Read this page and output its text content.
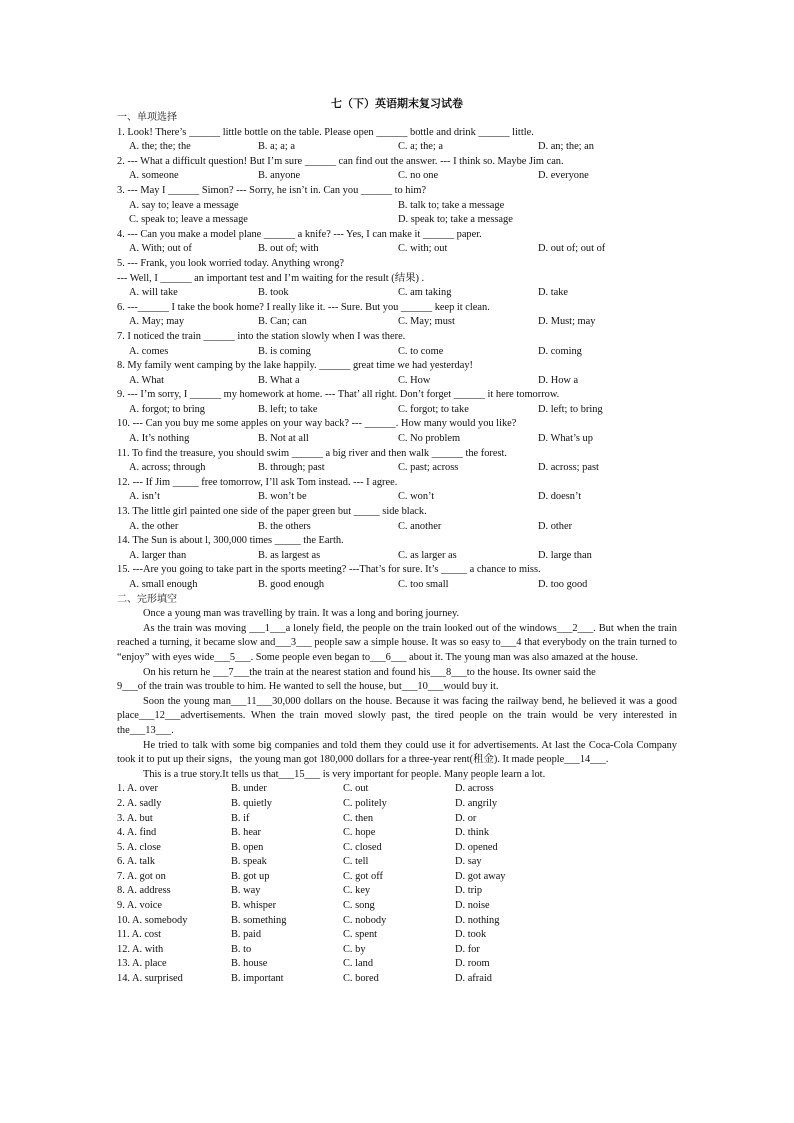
七（下）英语期末复习试卷
一、单项选择
1. Look! There’s ______ little bottle on the table. Please open ______ bottle and drink ______ little.
A. the; the; the	B. a; a; a	C. a; the; a	D. an; the; an
2. --- What a difficult question! But I’m sure ______ can find out the answer. --- I think so. Maybe Jim can.
A. someone	B. anyone	C. no one	D. everyone
3. --- May I ______ Simon? --- Sorry, he isn’t in. Can you ______ to him?
A. say to; leave a message	B. talk to; take a message
C. speak to; leave a message	D. speak to; take a message
4. --- Can you make a model plane ______ a knife? --- Yes, I can make it ______ paper.
A. With; out of	B. out of; with	C. with; out	D. out of; out of
5. --- Frank, you look worried today. Anything wrong?
--- Well, I ______ an important test and I’m waiting for the result (结果) .
A. will take	B. took	C. am taking	D. take
6. ---______ I take the book home? I really like it. --- Sure. But you ______ keep it clean.
A. May; may	B. Can; can	C. May; must	D. Must; may
7. I noticed the train ______ into the station slowly when I was there.
A. comes	B. is coming	C. to come	D. coming
8. My family went camping by the lake happily. ______ great time we had yesterday!
A. What	B. What a	C. How	D. How a
9. --- I’m sorry, I ______ my homework at home. --- That’ all right. Don’t forget ______ it here tomorrow.
A. forgot; to bring	B. left; to take	C. forgot; to take	D. left; to bring
10. --- Can you buy me some apples on your way back? --- ______. How many would you like?
A. It’s nothing	B. Not at all	C. No problem	D. What’s up
11. To find the treasure, you should swim ______ a big river and then walk ______ the forest.
A. across; through	B. through; past	C. past; across	D. across; past
12. --- If Jim _____ free tomorrow, I’ll ask Tom instead. --- I agree.
A. isn’t	B. won’t be	C. won’t	D. doesn’t
13. The little girl painted one side of the paper green but _____ side black.
A. the other	B. the others	C. another	D. other
14. The Sun is about l, 300,000 times _____ the Earth.
A. larger than	B. as largest as	C. as larger as	D. large than
15. ---Are you going to take part in the sports meeting? ---That’s for sure. It’s _____ a chance to miss.
A. small enough	B. good enough	C. too small	D. too good
二、完形填空
Once a young man was travelling by train. It was a long and boring journey.
As the train was moving ___1___a lonely field, the people on the train looked out of the windows___2___. But when the train reached a turning, it became slow and___3___ people saw a simple house. It was so easy to___4 that everybody on the train turned to “enjoy” with eyes wide___5___. Some people even began to___6___ about it. The young man was also amazed at the house.
On his return he ___7___the train at the nearest station and found his___8___to the house. Its owner said the
9___of the train was trouble to him. He wanted to sell the house, but___10___would buy it.
Soon the young man___11___30,000 dollars on the house. Because it was facing the railway bend, he believed it was a good place___12___advertisements. When the train moved slowly past, the tired people on the train would be very interested in the___13___.
He tried to talk with some big companies and told them they could use it for advertisements. At last the Coca-Cola Company took it to put up their signs，the young man got 180,000 dollars for a three-year rent(租金). It made people___14___.
This is a true story.It tells us that___15___ is very important for people. Many people learn a lot.
1. A. over	B. under	C. out	D. across
2. A. sadly	B. quietly	C. politely	D. angrily
3. A. but	B. if	C. then	D. or
4. A. find	B. hear	C. hope	D. think
5. A. close	B. open	C. closed	D. opened
6. A. talk	B. speak	C. tell	D. say
7. A. got on	B. got up	C. got off	D. got away
8. A. address	B. way	C. key	D. trip
9. A. voice	B. whisper	C. song	D. noise
10. A. somebody	B. something	C. nobody	D. nothing
11. A. cost	B. paid	C. spent	D. took
12. A. with	B. to	C. by	D. for
13. A. place	B. house	C. land	D. room
14. A. surprised	B. important	C. bored	D. afraid
